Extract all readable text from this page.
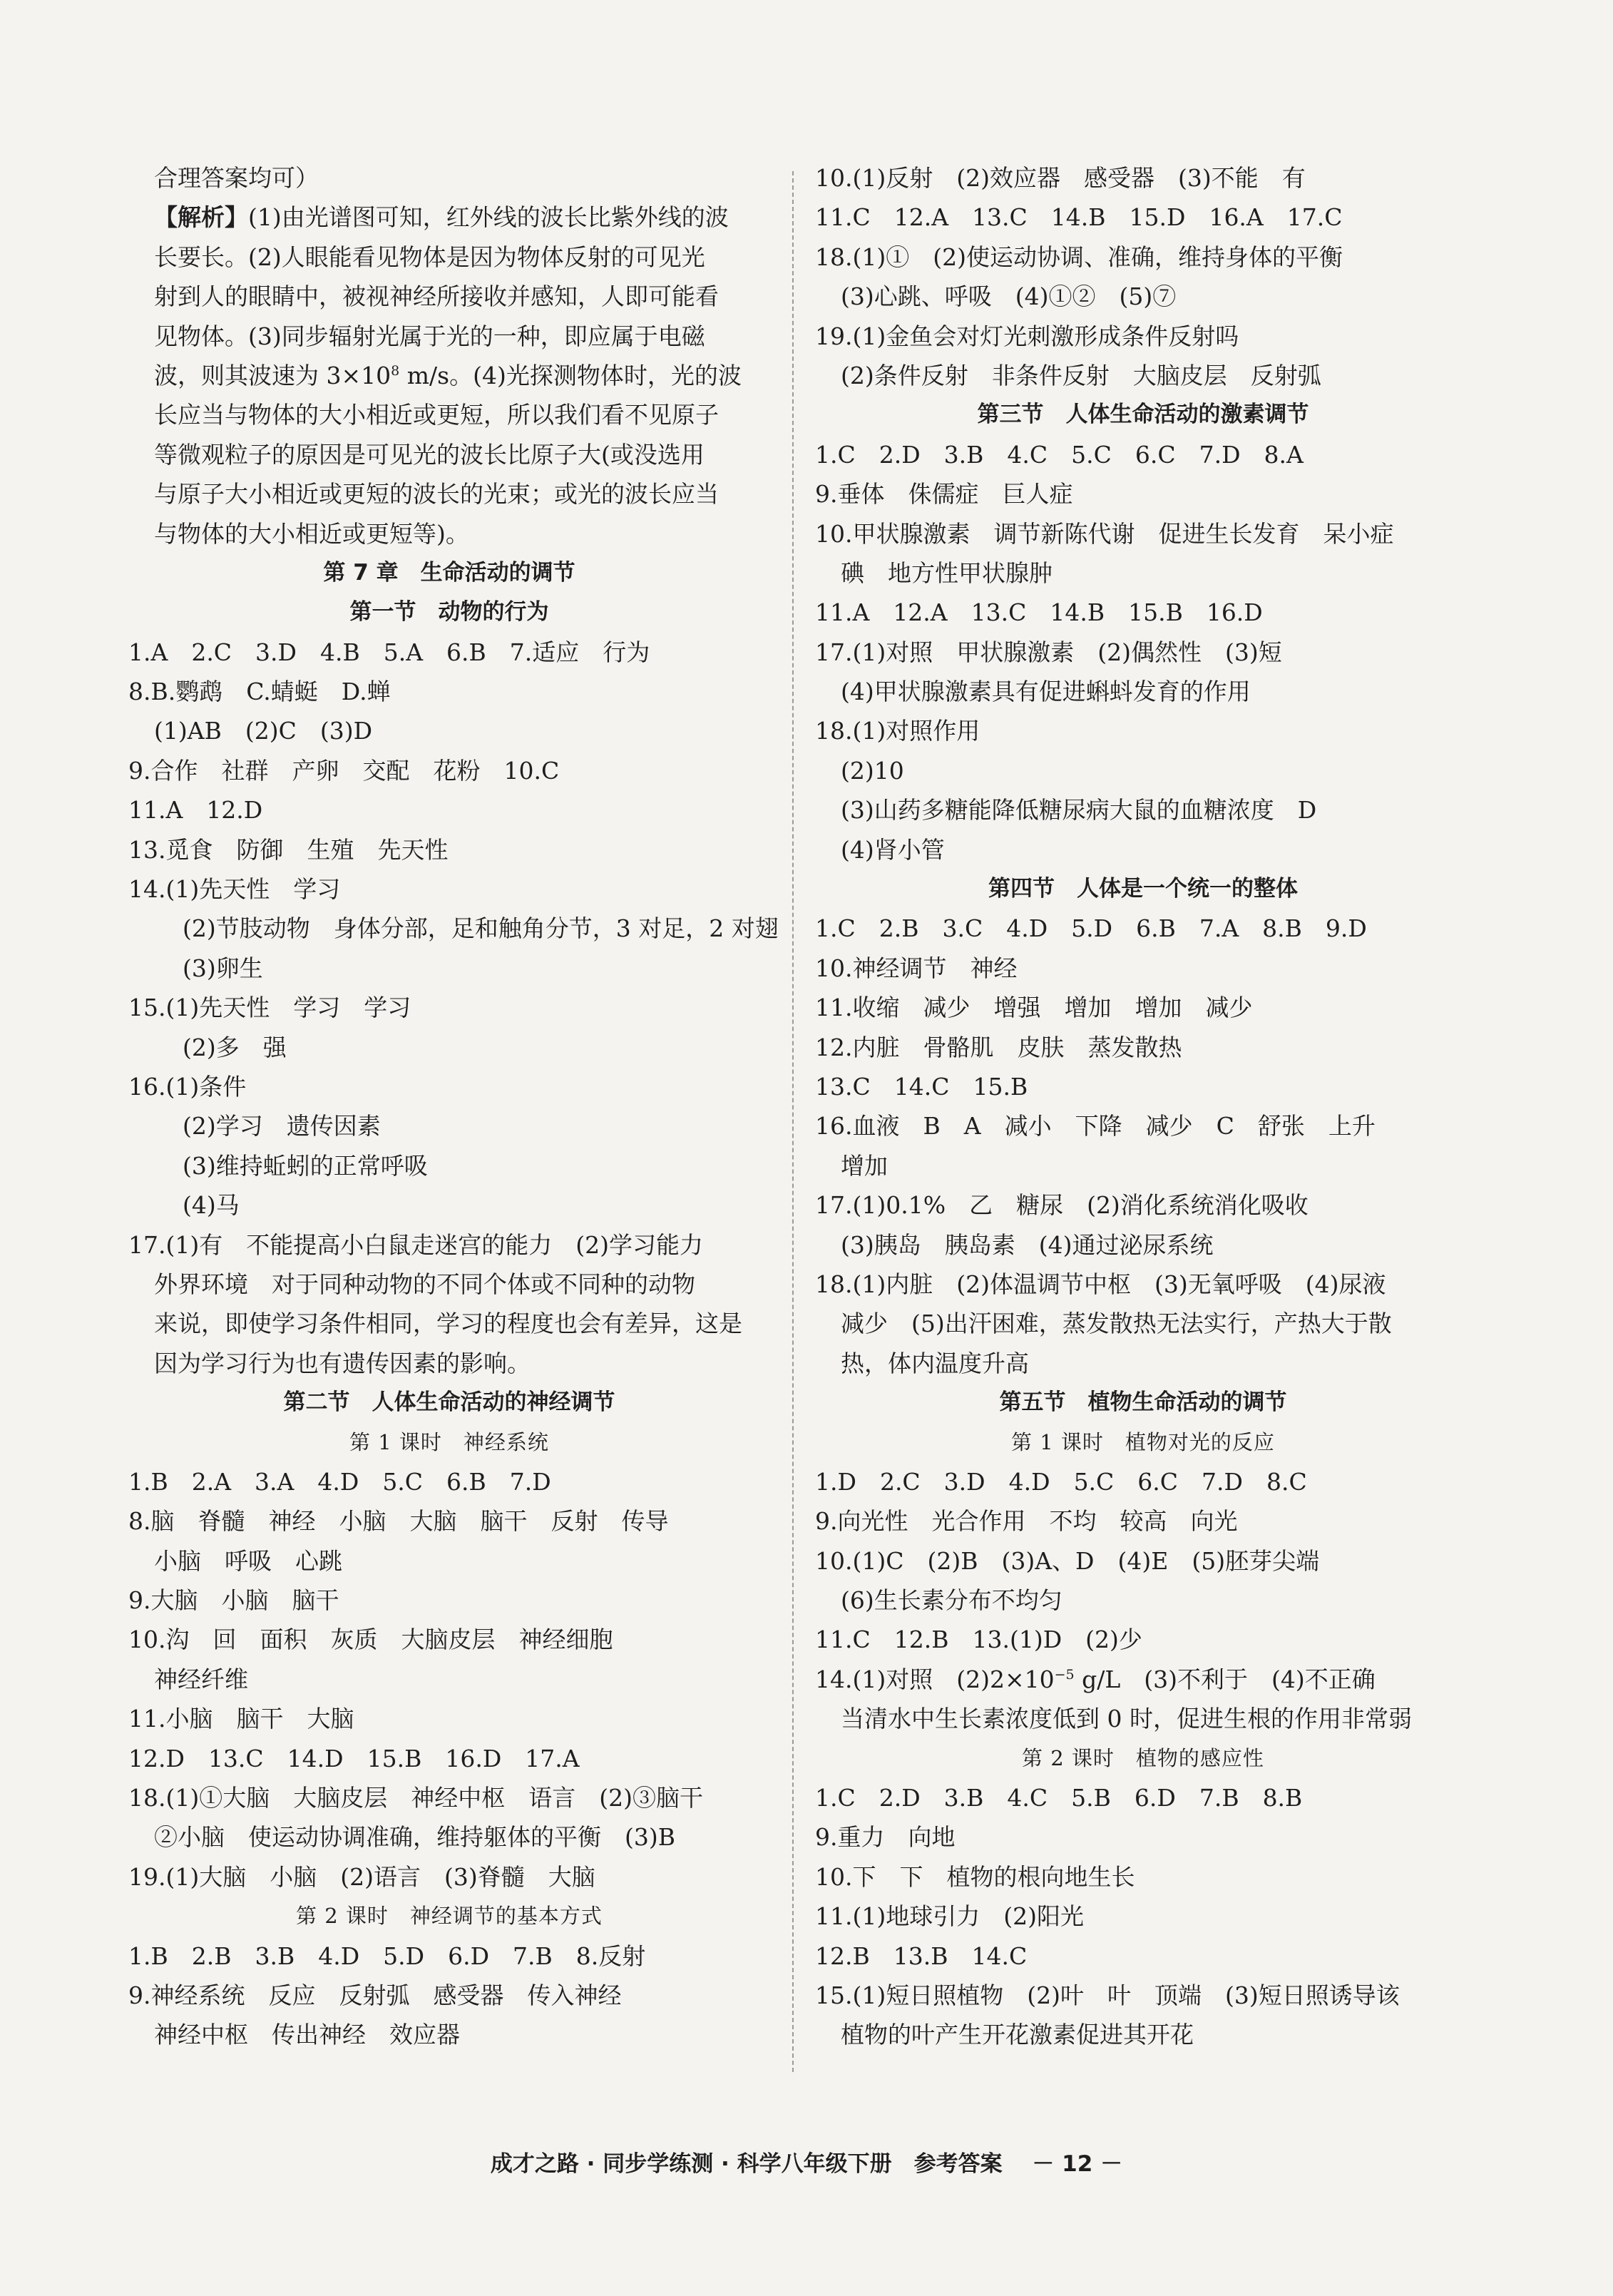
合理答案均可）
【解析】(1)由光谱图可知，红外线的波长比紫外线的波
长要长。(2)人眼能看见物体是因为物体反射的可见光
射到人的眼睛中，被视神经所接收并感知，人即可能看
见物体。(3)同步辐射光属于光的一种，即应属于电磁
波，则其波速为 $3\times 10^8$ m/s。(4)光探测物体时，光的波
长应当与物体的大小相近或更短，所以我们看不见原子
等微观粒子的原因是可见光的波长比原子大(或没选用
与原子大小相近或更短的波长的光束；或光的波长应当
与物体的大小相近或更短等)。
第 7 章　生命活动的调节
第一节　动物的行为
1.A　2.C　3.D　4.B　5.A　6.B　7.适应　行为
8.B.鹦鹉　C.蜻蜓　D.蝉
(1)AB　(2)C　(3)D
9.合作　社群　产卵　交配　花粉　10.C
11.A　12.D
13.觅食　防御　生殖　先天性
14.(1)先天性　学习
(2)节肢动物　身体分部，足和触角分节，3 对足，2 对翅
(3)卵生
15.(1)先天性　学习　学习
(2)多　强
16.(1)条件
(2)学习　遗传因素
(3)维持蚯蚓的正常呼吸
(4)马
17.(1)有　不能提高小白鼠走迷宫的能力　(2)学习能力
外界环境　对于同种动物的不同个体或不同种的动物
来说，即使学习条件相同，学习的程度也会有差异，这是
因为学习行为也有遗传因素的影响。
第二节　人体生命活动的神经调节
第 1 课时　神经系统
1.B　2.A　3.A　4.D　5.C　6.B　7.D
8.脑　脊髓　神经　小脑　大脑　脑干　反射　传导
小脑　呼吸　心跳
9.大脑　小脑　脑干
10.沟　回　面积　灰质　大脑皮层　神经细胞
神经纤维
11.小脑　脑干　大脑
12.D　13.C　14.D　15.B　16.D　17.A
18.(1)①大脑　大脑皮层　神经中枢　语言　(2)③脑干
②小脑　使运动协调准确，维持躯体的平衡　(3)B
19.(1)大脑　小脑　(2)语言　(3)脊髓　大脑
第 2 课时　神经调节的基本方式
1.B　2.B　3.B　4.D　5.D　6.D　7.B　8.反射
9.神经系统　反应　反射弧　感受器　传入神经
神经中枢　传出神经　效应器
10.(1)反射　(2)效应器　感受器　(3)不能　有
11.C　12.A　13.C　14.B　15.D　16.A　17.C
18.(1)①　(2)使运动协调、准确，维持身体的平衡
(3)心跳、呼吸　(4)①②　(5)⑦
19.(1)金鱼会对灯光刺激形成条件反射吗
(2)条件反射　非条件反射　大脑皮层　反射弧
第三节　人体生命活动的激素调节
1.C　2.D　3.B　4.C　5.C　6.C　7.D　8.A
9.垂体　侏儒症　巨人症
10.甲状腺激素　调节新陈代谢　促进生长发育　呆小症
碘　地方性甲状腺肿
11.A　12.A　13.C　14.B　15.B　16.D
17.(1)对照　甲状腺激素　(2)偶然性　(3)短
(4)甲状腺激素具有促进蝌蚪发育的作用
18.(1)对照作用
(2)10
(3)山药多糖能降低糖尿病大鼠的血糖浓度　D
(4)肾小管
第四节　人体是一个统一的整体
1.C　2.B　3.C　4.D　5.D　6.B　7.A　8.B　9.D
10.神经调节　神经
11.收缩　减少　增强　增加　增加　减少
12.内脏　骨骼肌　皮肤　蒸发散热
13.C　14.C　15.B
16.血液　B　A　减小　下降　减少　C　舒张　上升
增加
17.(1)0.1%　乙　糖尿　(2)消化系统消化吸收
(3)胰岛　胰岛素　(4)通过泌尿系统
18.(1)内脏　(2)体温调节中枢　(3)无氧呼吸　(4)尿液
减少　(5)出汗困难，蒸发散热无法实行，产热大于散
热，体内温度升高
第五节　植物生命活动的调节
第 1 课时　植物对光的反应
1.D　2.C　3.D　4.D　5.C　6.C　7.D　8.C
9.向光性　光合作用　不均　较高　向光
10.(1)C　(2)B　(3)A、D　(4)E　(5)胚芽尖端
(6)生长素分布不均匀
11.C　12.B　13.(1)D　(2)少
14.(1)对照　$(2)2\times 10^{-5}$ g/L　(3)不利于　(4)不正确
当清水中生长素浓度低到 0 时，促进生根的作用非常弱
第 2 课时　植物的感应性
1.C　2.D　3.B　4.C　5.B　6.D　7.B　8.B
9.重力　向地
10.下　下　植物的根向地生长
11.(1)地球引力　(2)阳光
12.B　13.B　14.C
15.(1)短日照植物　(2)叶　叶　顶端　(3)短日照诱导该
植物的叶产生开花激素促进其开花
成才之路 · 同步学练测 · 科学八年级下册　参考答案　 － 12 －
